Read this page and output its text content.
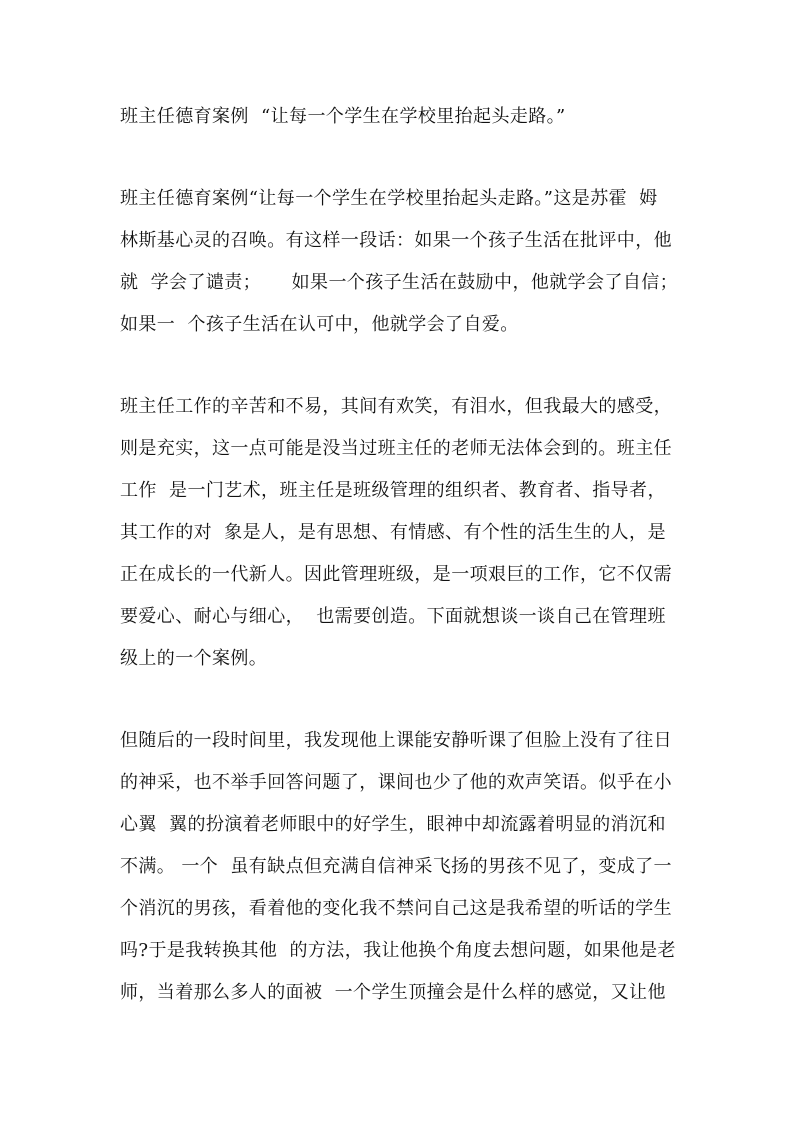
班主任德育案例  “让每一个学生在学校里抬起头走路。”
班主任德育案例“让每一个学生在学校里抬起头走路。”这是苏霍  姆
林斯基心灵的召唤。有这样一段话：如果一个孩子生活在批评中，他
就  学会了谴责；     如果一个孩子生活在鼓励中，他就学会了自信；
如果一  个孩子生活在认可中，他就学会了自爱。
班主任工作的辛苦和不易，其间有欢笑，有泪水，但我最大的感受，
则是充实，这一点可能是没当过班主任的老师无法体会到的。班主任
工作  是一门艺术，班主任是班级管理的组织者、教育者、指导者，
其工作的对  象是人，是有思想、有情感、有个性的活生生的人，是
正在成长的一代新人。因此管理班级，是一项艰巨的工作，它不仅需
要爱心、耐心与细心，  也需要创造。下面就想谈一谈自己在管理班
级上的一个案例。
但随后的一段时间里，我发现他上课能安静听课了但脸上没有了往日
的神采，也不举手回答问题了，课间也少了他的欢声笑语。似乎在小
心翼  翼的扮演着老师眼中的好学生，眼神中却流露着明显的消沉和
不满。 一个  虽有缺点但充满自信神采飞扬的男孩不见了，变成了一
个消沉的男孩，看着他的变化我不禁问自己这是我希望的听话的学生
吗?于是我转换其他  的方法，我让他换个角度去想问题，如果他是老
师，当着那么多人的面被  一个学生顶撞会是什么样的感觉，又让他
